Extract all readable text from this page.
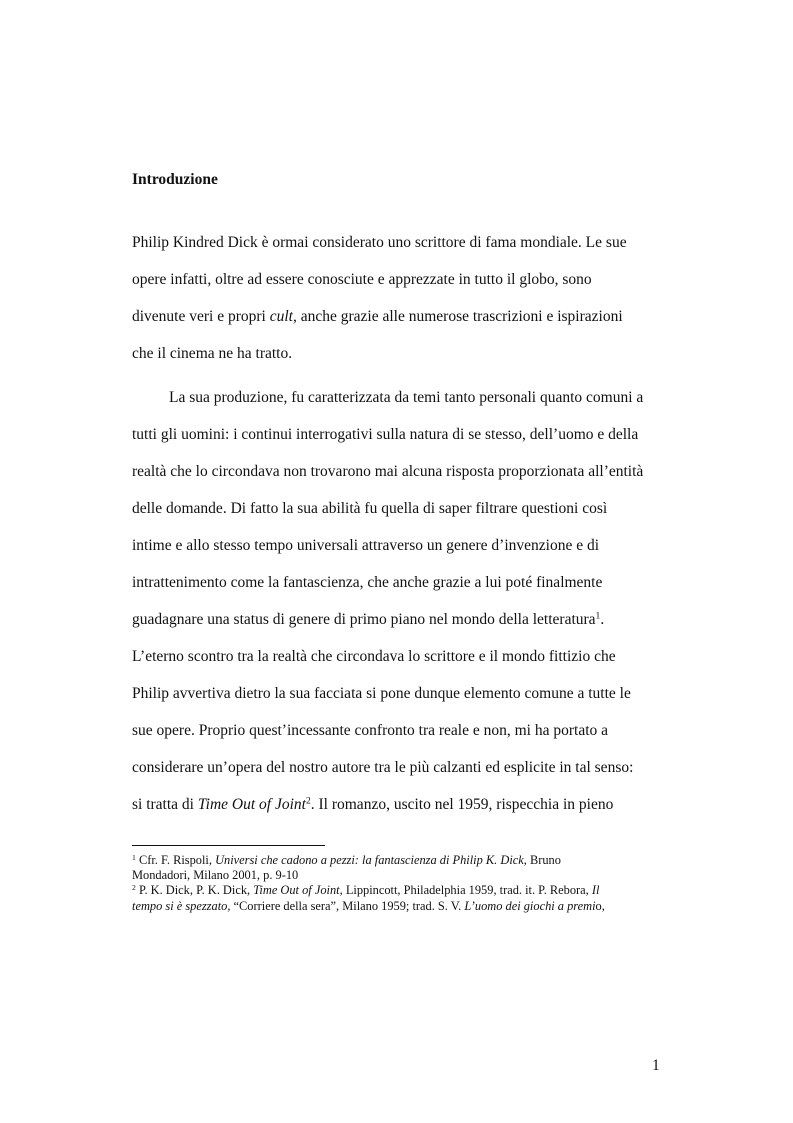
Introduzione
Philip Kindred Dick è ormai considerato uno scrittore di fama mondiale. Le sue
opere infatti, oltre ad essere conosciute e apprezzate in tutto il globo, sono
divenute veri e propri cult, anche grazie alle numerose trascrizioni e ispirazioni
che il cinema ne ha tratto.
La sua produzione, fu caratterizzata da temi tanto personali quanto comuni a
tutti gli uomini: i continui interrogativi sulla natura di se stesso, dell’uomo e della
realtà che lo circondava non trovarono mai alcuna risposta proporzionata all’entità
delle domande. Di fatto la sua abilità fu quella di saper filtrare questioni così
intime e allo stesso tempo universali attraverso un genere d’invenzione e di
intrattenimento come la fantascienza, che anche grazie a lui poté finalmente
guadagnare una status di genere di primo piano nel mondo della letteratura$^1$.
L’eterno scontro tra la realtà che circondava lo scrittore e il mondo fittizio che
Philip avvertiva dietro la sua facciata si pone dunque elemento comune a tutte le
sue opere. Proprio quest’incessante confronto tra reale e non, mi ha portato a
considerare un’opera del nostro autore tra le più calzanti ed esplicite in tal senso:
si tratta di Time Out of Joint$^2$. Il romanzo, uscito nel 1959, rispecchia in pieno
$^1$ Cfr. F. Rispoli, Universi che cadono a pezzi: la fantascienza di Philip K. Dick, Bruno
Mondadori, Milano 2001, p. 9-10
$^2$ P. K. Dick, P. K. Dick, Time Out of Joint, Lippincott, Philadelphia 1959, trad. it. P. Rebora, Il
tempo si è spezzato, “Corriere della sera”, Milano 1959; trad. S. V. L’uomo dei giochi a premio,
1
